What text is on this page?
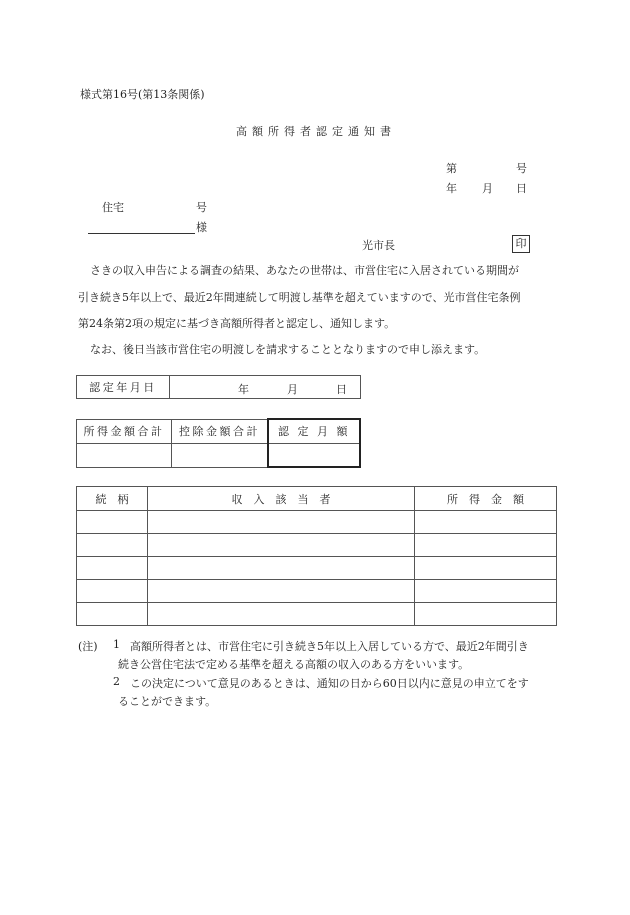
様式第16号(第13条関係)
高額所得者認定通知書
第	号
年 月 日
住宅	号
様
光市長	印
さきの収入申告による調査の結果、あなたの世帯は、市営住宅に入居されている期間が
引き続き5年以上で、最近2年間連続して明渡し基準を超えていますので、光市営住宅条例
第24条第2項の規定に基づき高額所得者と認定し、通知します。
なお、後日当該市営住宅の明渡しを請求することとなりますので申し添えます。
認定年月日	年	月	日
所得金額合計	控除金額合計	認 定 月 額

続　柄	収　入　該　当　者	所　得　金　額

(注) 1 高額所得者とは、市営住宅に引き続き5年以上入居している方で、最近2年間引き
続き公営住宅法で定める基準を超える高額の収入のある方をいいます。
2 この決定について意見のあるときは、通知の日から60日以内に意見の申立てをす
ることができます。
